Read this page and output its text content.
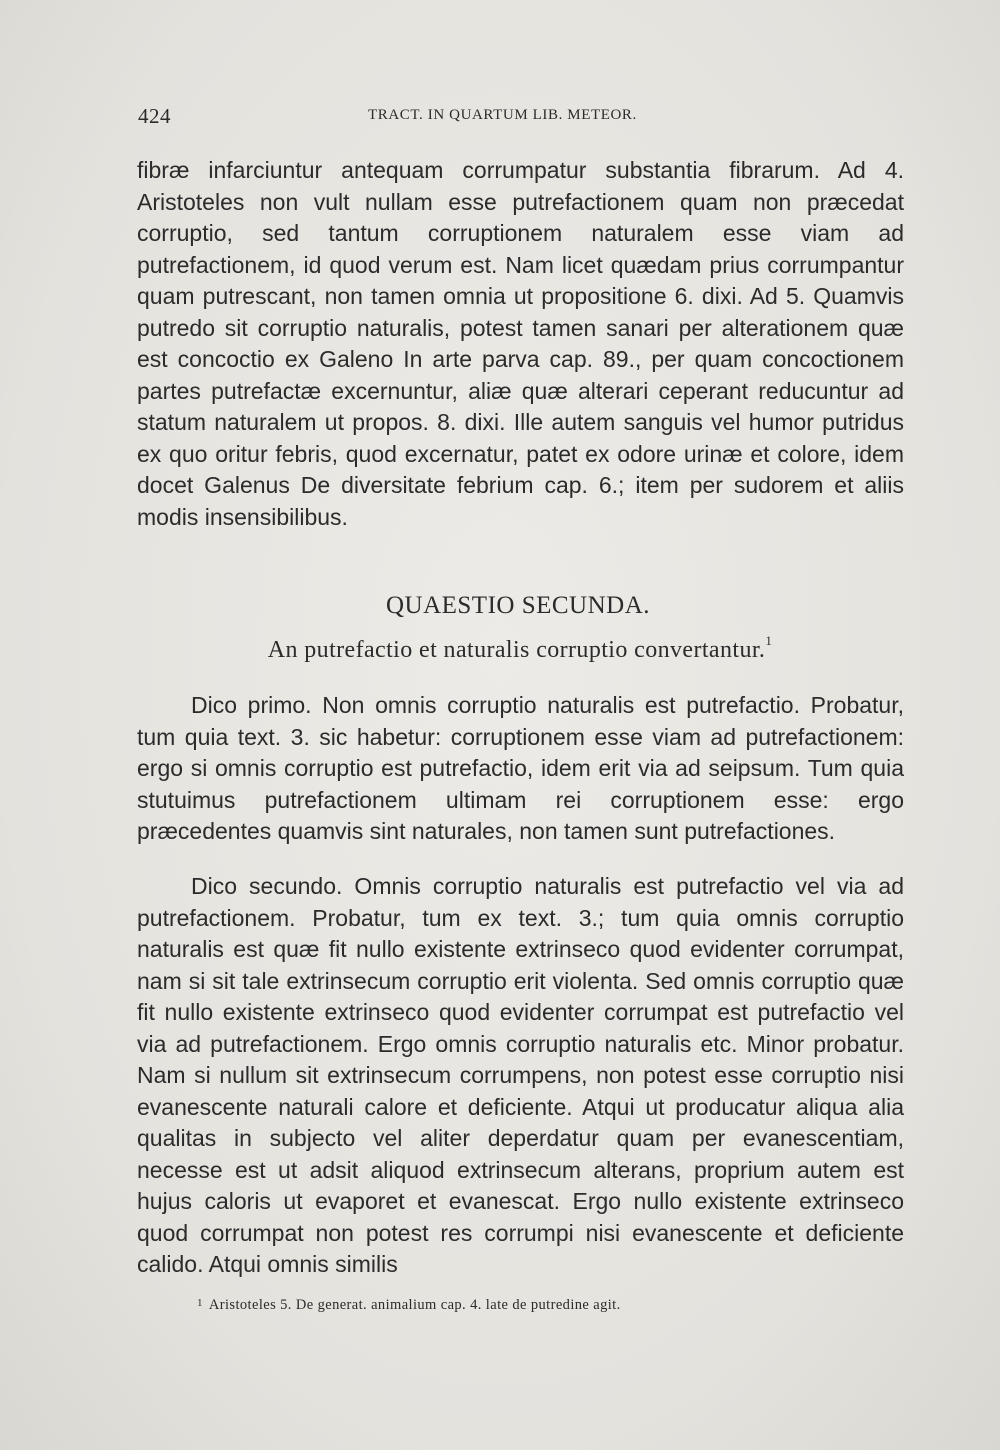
424	TRACT. IN QUARTUM LIB. METEOR.

fibræ infarciuntur antequam corrumpatur substantia fibrarum. Ad 4. Aristoteles non vult nullam esse putrefactionem quam non præcedat corruptio, sed tantum corruptionem naturalem esse viam ad putrefactionem, id quod verum est. Nam licet quædam prius corrumpantur quam putrescant, non tamen omnia ut propositione 6. dixi. Ad 5. Quamvis putredo sit corruptio naturalis, potest tamen sanari per alterationem quæ est concoctio ex Galeno In arte parva cap. 89., per quam concoctionem partes putrefactæ excernuntur, aliæ quæ alterari ceperant reducuntur ad statum naturalem ut propos. 8. dixi. Ille autem sanguis vel humor putridus ex quo oritur febris, quod excernatur, patet ex odore urinæ et colore, idem docet Galenus De diversitate febrium cap. 6.; item per sudorem et aliis modis insensibilibus.

QUAESTIO SECUNDA.
An putrefactio et naturalis corruptio convertantur.$^1$

Dico primo. Non omnis corruptio naturalis est putrefactio. Probatur, tum quia text. 3. sic habetur: corruptionem esse viam ad putrefactionem: ergo si omnis corruptio est putrefactio, idem erit via ad seipsum. Tum quia stutuimus putrefactionem ultimam rei corruptionem esse: ergo præcedentes quamvis sint naturales, non tamen sunt putrefactiones.

Dico secundo. Omnis corruptio naturalis est putrefactio vel via ad putrefactionem. Probatur, tum ex text. 3.; tum quia omnis corruptio naturalis est quæ fit nullo existente extrinseco quod evidenter corrumpat, nam si sit tale extrinsecum corruptio erit violenta. Sed omnis corruptio quæ fit nullo existente extrinseco quod evidenter corrumpat est putrefactio vel via ad putrefactionem. Ergo omnis corruptio naturalis etc. Minor probatur. Nam si nullum sit extrinsecum corrumpens, non potest esse corruptio nisi evanescente naturali calore et deficiente. Atqui ut producatur aliqua alia qualitas in subjecto vel aliter deperdatur quam per evanescentiam, necesse est ut adsit aliquod extrinsecum alterans, proprium autem est hujus caloris ut evaporet et evanescat. Ergo nullo existente extrinseco quod corrumpat non potest res corrumpi nisi evanescente et deficiente calido. Atqui omnis similis

$^1$ Aristoteles 5. De generat. animalium cap. 4. late de putredine agit.
